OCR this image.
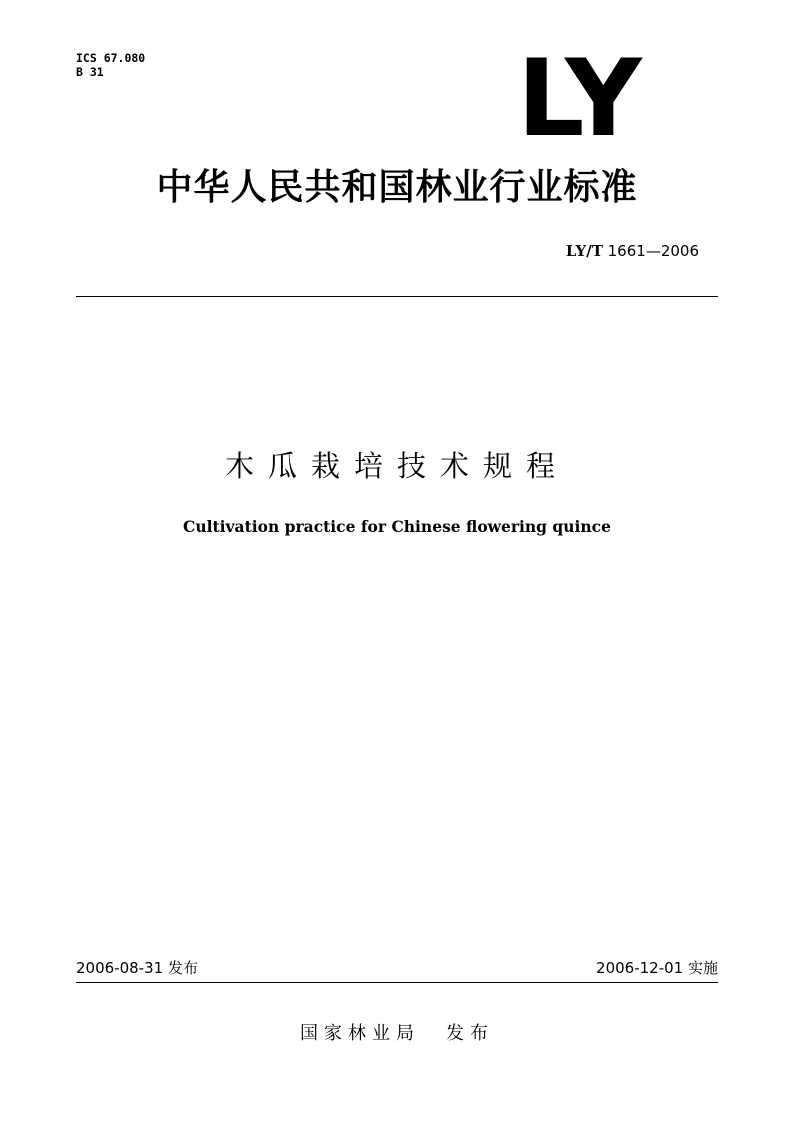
ICS 67.080
B 31	LY
中华人民共和国林业行业标准
LY/T 1661—2006
木瓜栽培技术规程
Cultivation practice for Chinese flowering quince
2006-08-31 发布	2006-12-01 实施
国家林业局 发布
